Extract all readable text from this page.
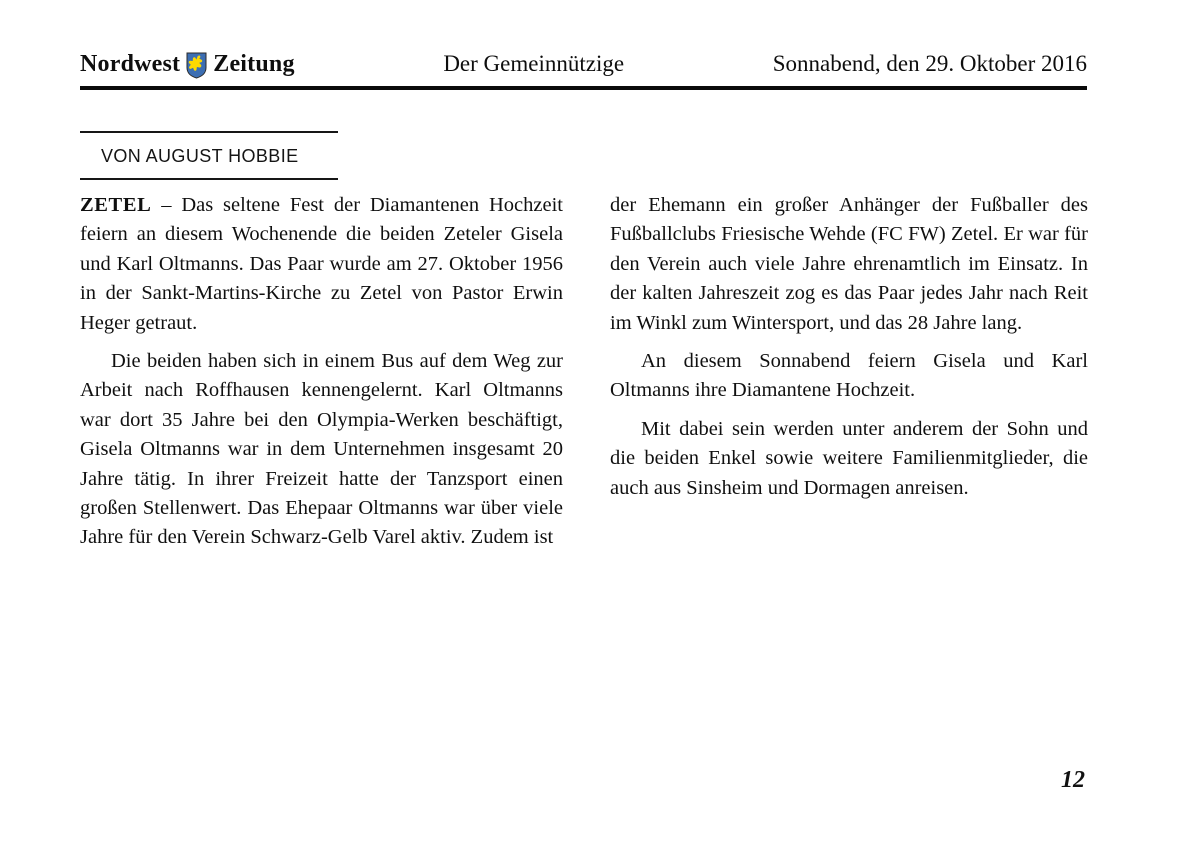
Nordwest Zeitung	Der Gemeinnützige	Sonnabend, den 29. Oktober 2016
VON AUGUST HOBBIE

ZETEL – Das seltene Fest der Diamantenen Hochzeit feiern an diesem Wochenende die beiden Zeteler Gisela und Karl Oltmanns. Das Paar wurde am 27. Oktober 1956 in der Sankt-Martins-Kirche zu Zetel von Pastor Erwin Heger getraut.

Die beiden haben sich in einem Bus auf dem Weg zur Arbeit nach Roffhausen kennengelernt. Karl Oltmanns war dort 35 Jahre bei den Olympia-Werken beschäftigt, Gisela Oltmanns war in dem Unternehmen insgesamt 20 Jahre tätig. In ihrer Freizeit hatte der Tanzsport einen großen Stellenwert. Das Ehepaar Oltmanns war über viele Jahre für den Verein Schwarz-Gelb Varel aktiv. Zudem ist

der Ehemann ein großer Anhänger der Fußballer des Fußballclubs Friesische Wehde (FC FW) Zetel. Er war für den Verein auch viele Jahre ehrenamtlich im Einsatz. In der kalten Jahreszeit zog es das Paar jedes Jahr nach Reit im Winkl zum Wintersport, und das 28 Jahre lang.

An diesem Sonnabend feiern Gisela und Karl Oltmanns ihre Diamantene Hochzeit.

Mit dabei sein werden unter anderem der Sohn und die beiden Enkel sowie weitere Familienmitglieder, die auch aus Sinsheim und Dormagen anreisen.

12
